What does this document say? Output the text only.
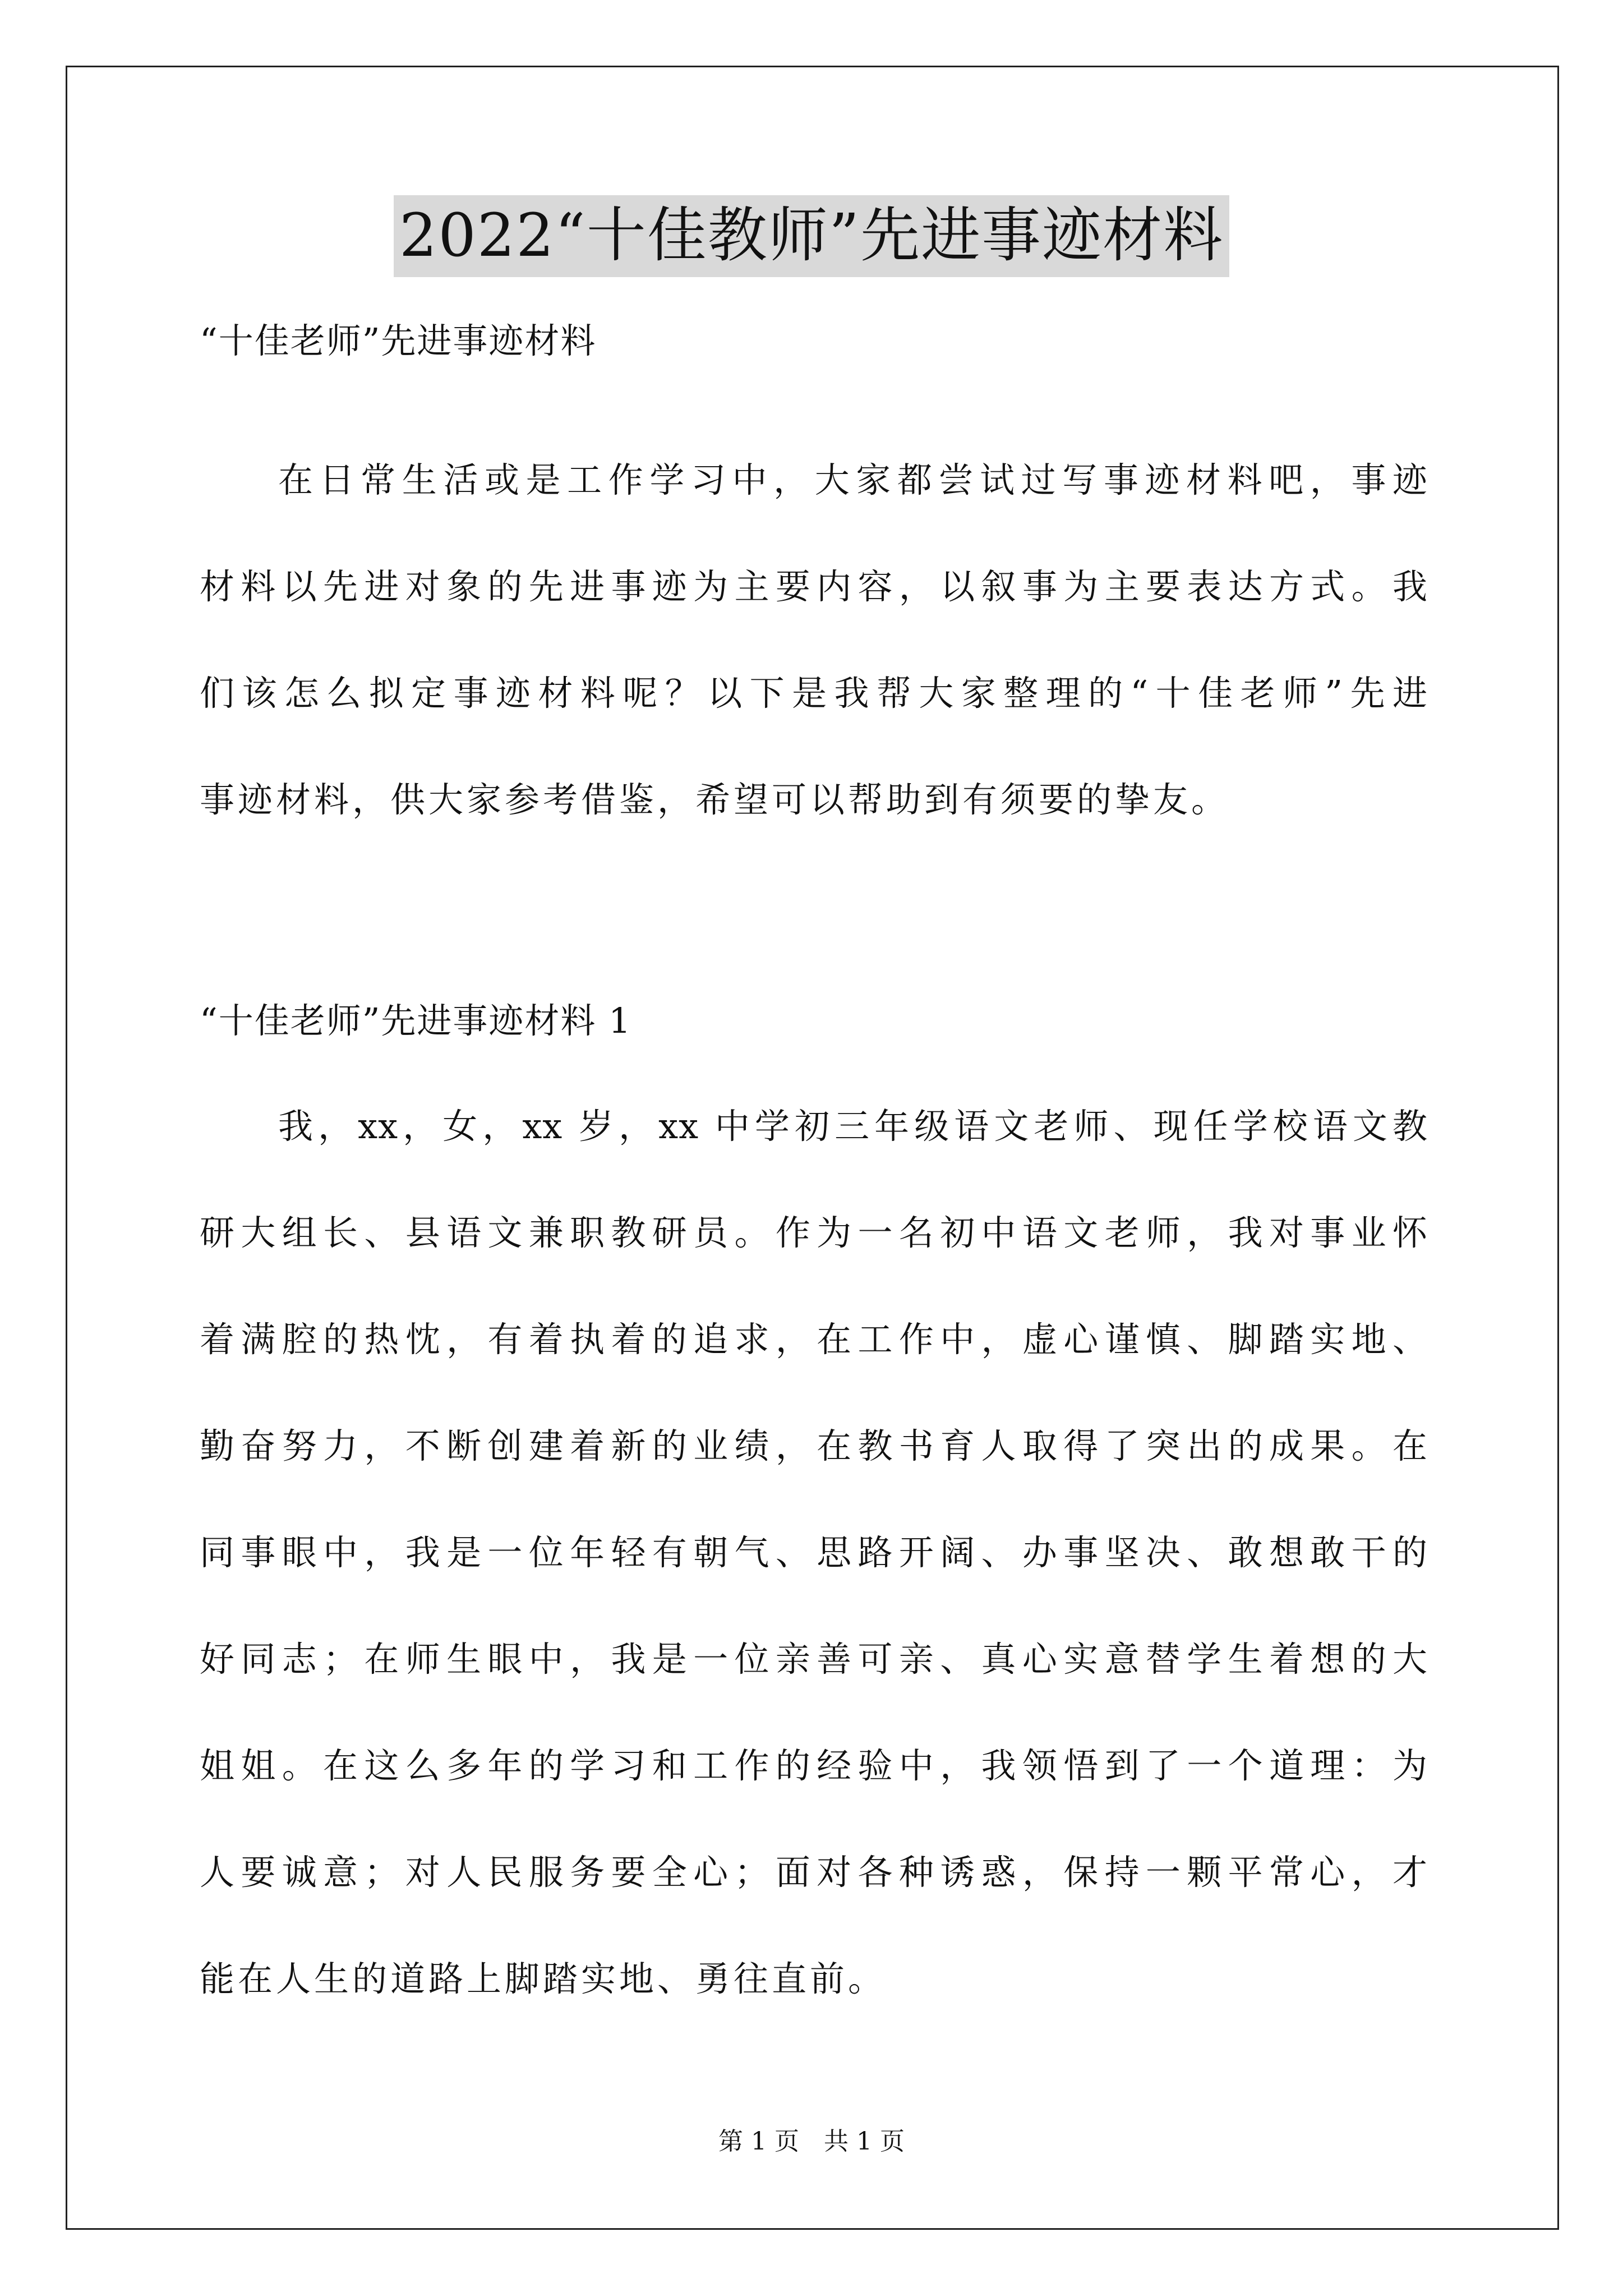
2022“十佳教师”先进事迹材料
“十佳老师”先进事迹材料
在日常生活或是工作学习中，大家都尝试过写事迹材料吧，事迹
材料以先进对象的先进事迹为主要内容，以叙事为主要表达方式。我
们该怎么拟定事迹材料呢？以下是我帮大家整理的“十佳老师”先进
事迹材料，供大家参考借鉴，希望可以帮助到有须要的挚友。
“十佳老师”先进事迹材料 1
我，xx，女，xx 岁，xx 中学初三年级语文老师、现任学校语文教
研大组长、县语文兼职教研员。作为一名初中语文老师，我对事业怀
着满腔的热忱，有着执着的追求，在工作中，虚心谨慎、脚踏实地、
勤奋努力，不断创建着新的业绩，在教书育人取得了突出的成果。在
同事眼中，我是一位年轻有朝气、思路开阔、办事坚决、敢想敢干的
好同志；在师生眼中，我是一位亲善可亲、真心实意替学生着想的大
姐姐。在这么多年的学习和工作的经验中，我领悟到了一个道理：为
人要诚意；对人民服务要全心；面对各种诱惑，保持一颗平常心，才
能在人生的道路上脚踏实地、勇往直前。
第 1 页　共 1 页
